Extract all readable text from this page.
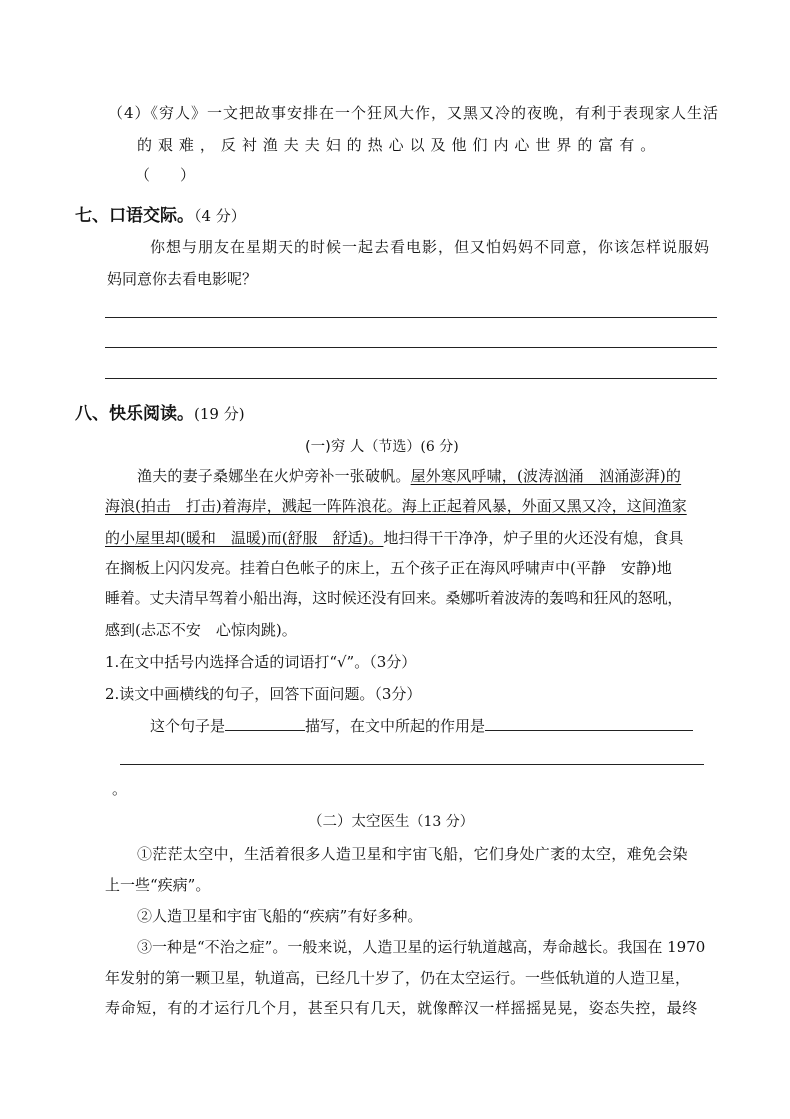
（4）《穷人》一文把故事安排在一个狂风大作，又黑又冷的夜晚，有利于表现家人生活
的 艰 难 ， 反 衬 渔 夫 夫 妇 的 热 心 以 及 他 们 内 心 世 界 的 富 有 。
（　　）
七、口语交际。（4 分）
你想与朋友在星期天的时候一起去看电影，但又怕妈妈不同意，你该怎样说服妈
妈同意你去看电影呢？
八、快乐阅读。(19 分)
(一)穷 人（节选）(6 分)
渔夫的妻子桑娜坐在火炉旁补一张破帆。屋外寒风呼啸，(波涛汹涌　汹涌澎湃)的
海浪(拍击　打击)着海岸，溅起一阵阵浪花。海上正起着风暴，外面又黑又冷，这间渔家
的小屋里却(暖和　温暖)而(舒服　舒适)。地扫得干干净净，炉子里的火还没有熄，食具
在搁板上闪闪发亮。挂着白色帐子的床上，五个孩子正在海风呼啸声中(平静　安静)地
睡着。丈夫清早驾着小船出海，这时候还没有回来。桑娜听着波涛的轰鸣和狂风的怒吼，
感到(忐忑不安　心惊肉跳)。
1.在文中括号内选择合适的词语打“√”。（3分）
2.读文中画横线的句子，回答下面问题。（3分）
这个句子是	描写，在文中所起的作用是
。
（二）太空医生（13 分）
①茫茫太空中，生活着很多人造卫星和宇宙飞船，它们身处广袤的太空，难免会染
上一些“疾病”。
②人造卫星和宇宙飞船的“疾病”有好多种。
③一种是“不治之症”。一般来说，人造卫星的运行轨道越高，寿命越长。我国在 1970
年发射的第一颗卫星，轨道高，已经几十岁了，仍在太空运行。一些低轨道的人造卫星，
寿命短，有的才运行几个月，甚至只有几天，就像醉汉一样摇摇晃晃，姿态失控，最终
